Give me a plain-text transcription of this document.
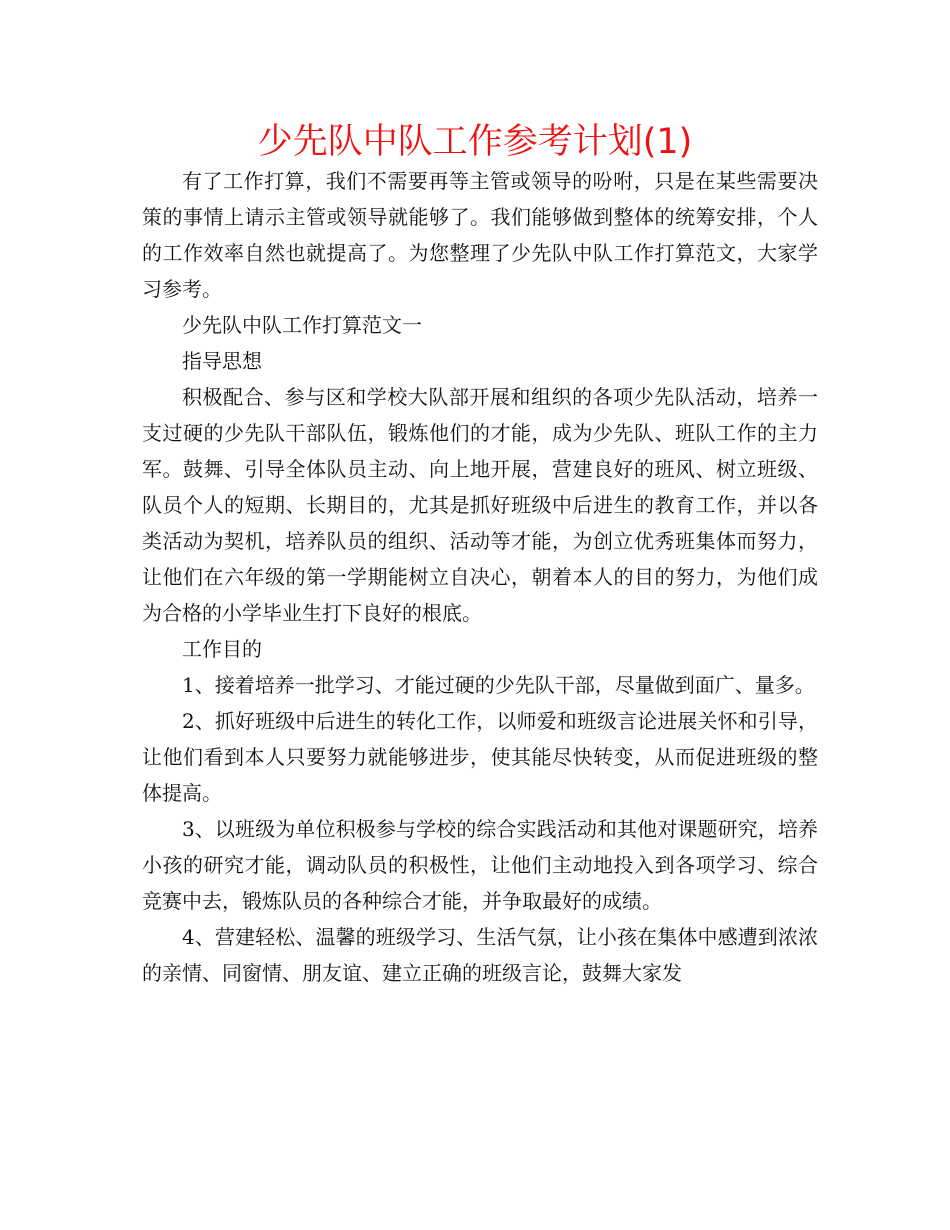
少先队中队工作参考计划(1)

有了工作打算，我们不需要再等主管或领导的吩咐，只是在某些需要决策的事情上请示主管或领导就能够了。我们能够做到整体的统筹安排，个人的工作效率自然也就提高了。为您整理了少先队中队工作打算范文，大家学习参考。

少先队中队工作打算范文一

指导思想

积极配合、参与区和学校大队部开展和组织的各项少先队活动，培养一支过硬的少先队干部队伍，锻炼他们的才能，成为少先队、班队工作的主力军。鼓舞、引导全体队员主动、向上地开展，营建良好的班风、树立班级、队员个人的短期、长期目的，尤其是抓好班级中后进生的教育工作，并以各类活动为契机，培养队员的组织、活动等才能，为创立优秀班集体而努力，让他们在六年级的第一学期能树立自决心，朝着本人的目的努力，为他们成为合格的小学毕业生打下良好的根底。

工作目的

1、接着培养一批学习、才能过硬的少先队干部，尽量做到面广、量多。

2、抓好班级中后进生的转化工作，以师爱和班级言论进展关怀和引导，让他们看到本人只要努力就能够进步，使其能尽快转变，从而促进班级的整体提高。

3、以班级为单位积极参与学校的综合实践活动和其他对课题研究，培养小孩的研究才能，调动队员的积极性，让他们主动地投入到各项学习、综合竞赛中去，锻炼队员的各种综合才能，并争取最好的成绩。

4、营建轻松、温馨的班级学习、生活气氛，让小孩在集体中感遭到浓浓的亲情、同窗情、朋友谊、建立正确的班级言论，鼓舞大家发
